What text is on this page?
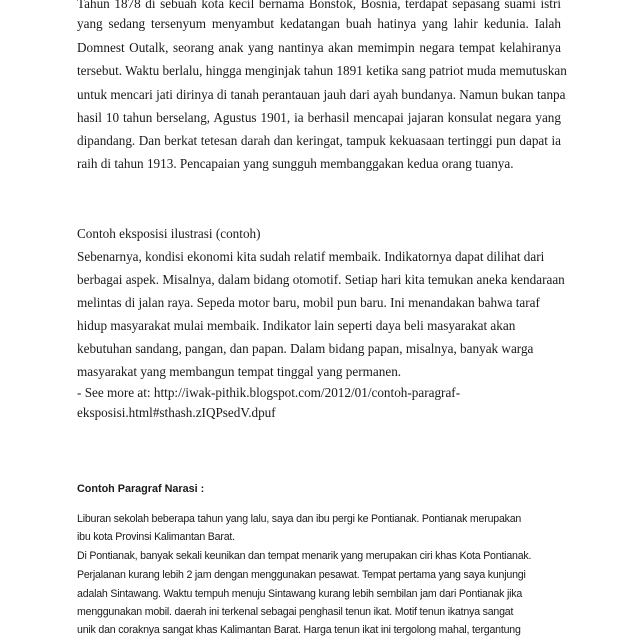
Tahun 1878 di sebuah kota kecil bernama Bonstok, Bosnia, terdapat sepasang suami istri
yang sedang tersenyum menyambut kedatangan buah hatinya yang lahir kedunia. Ialah
Domnest Outalk, seorang anak yang nantinya akan memimpin negara tempat kelahiranya
tersebut. Waktu berlalu, hingga menginjak tahun 1891 ketika sang patriot muda memutuskan
untuk mencari jati dirinya di tanah perantauan jauh dari ayah bundanya. Namun bukan tanpa
hasil 10 tahun berselang, Agustus 1901, ia berhasil mencapai jajaran konsulat negara yang
dipandang. Dan berkat tetesan darah dan keringat, tampuk kekuasaan tertinggi pun dapat ia
raih di tahun 1913. Pencapaian yang sungguh membanggakan kedua orang tuanya.
Contoh eksposisi ilustrasi (contoh)
Sebenarnya, kondisi ekonomi kita sudah relatif membaik. Indikatornya dapat dilihat dari
berbagai aspek. Misalnya, dalam bidang otomotif. Setiap hari kita temukan aneka kendaraan
melintas di jalan raya. Sepeda motor baru, mobil pun baru. Ini menandakan bahwa taraf
hidup masyarakat mulai membaik. Indikator lain seperti daya beli masyarakat akan
kebutuhan sandang, pangan, dan papan. Dalam bidang papan, misalnya, banyak warga
masyarakat yang membangun tempat tinggal yang permanen.
- See more at: http://iwak-pithik.blogspot.com/2012/01/contoh-paragraf-
eksposisi.html#sthash.zIQPsedV.dpuf
Contoh Paragraf Narasi :
Liburan sekolah beberapa tahun yang lalu, saya dan ibu pergi ke Pontianak. Pontianak merupakan
ibu kota Provinsi Kalimantan Barat.
Di Pontianak, banyak sekali keunikan dan tempat menarik yang merupakan ciri khas Kota Pontianak.
Perjalanan kurang lebih 2 jam dengan menggunakan pesawat. Tempat pertama yang saya kunjungi
adalah Sintawang. Waktu tempuh menuju Sintawang kurang lebih sembilan jam dari Pontianak jika
menggunakan mobil. daerah ini terkenal sebagai penghasil tenun ikat. Motif tenun ikatnya sangat
unik dan coraknya sangat khas Kalimantan Barat. Harga tenun ikat ini tergolong mahal, tergantung
